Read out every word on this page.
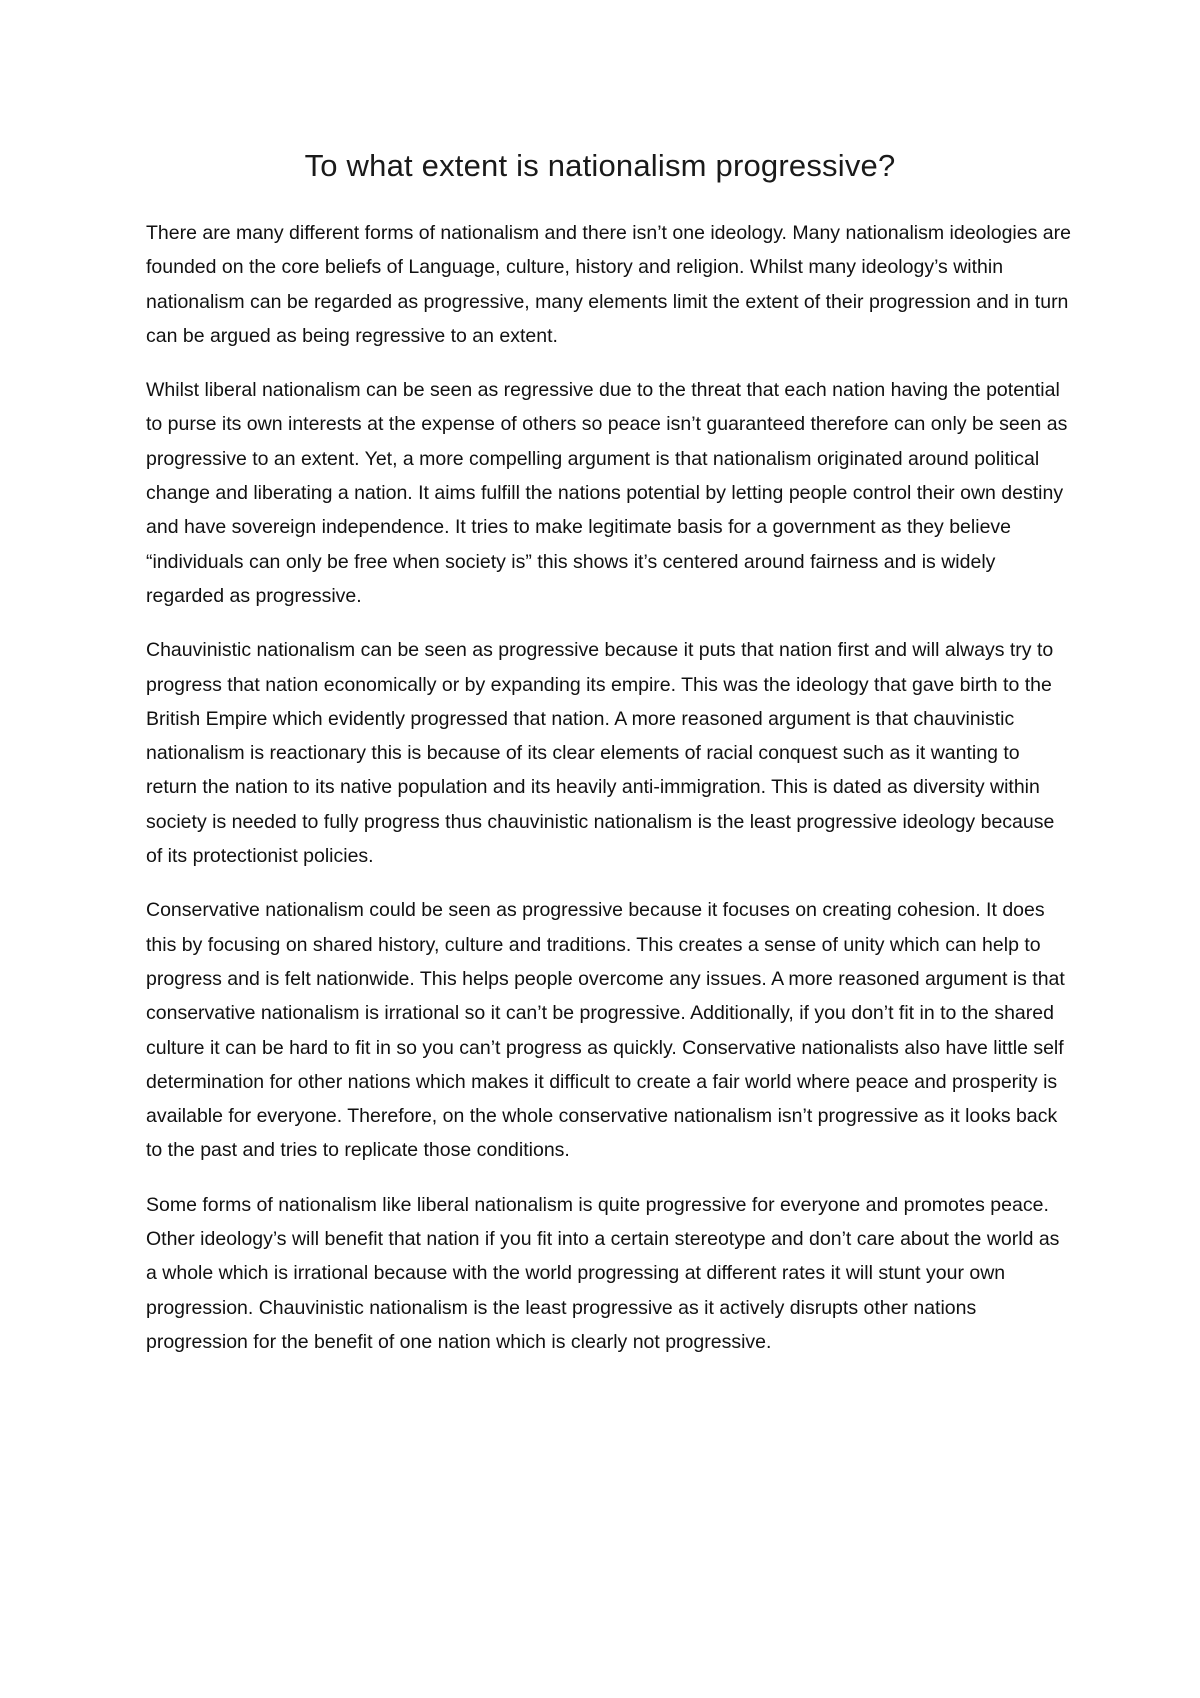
To what extent is nationalism progressive?

There are many different forms of nationalism and there isn’t one ideology. Many nationalism ideologies are founded on the core beliefs of Language, culture, history and religion. Whilst many ideology’s within nationalism can be regarded as progressive, many elements limit the extent of their progression and in turn can be argued as being regressive to an extent.

Whilst liberal nationalism can be seen as regressive due to the threat that each nation having the potential to purse its own interests at the expense of others so peace isn’t guaranteed therefore can only be seen as progressive to an extent. Yet, a more compelling argument is that nationalism originated around political change and liberating a nation. It aims fulfill the nations potential by letting people control their own destiny and have sovereign independence. It tries to make legitimate basis for a government as they believe “individuals can only be free when society is” this shows it’s centered around fairness and is widely regarded as progressive.

Chauvinistic nationalism can be seen as progressive because it puts that nation first and will always try to progress that nation economically or by expanding its empire. This was the ideology that gave birth to the British Empire which evidently progressed that nation. A more reasoned argument is that chauvinistic nationalism is reactionary this is because of its clear elements of racial conquest such as it wanting to return the nation to its native population and its heavily anti-immigration. This is dated as diversity within society is needed to fully progress thus chauvinistic nationalism is the least progressive ideology because of its protectionist policies.

Conservative nationalism could be seen as progressive because it focuses on creating cohesion. It does this by focusing on shared history, culture and traditions. This creates a sense of unity which can help to progress and is felt nationwide. This helps people overcome any issues. A more reasoned argument is that conservative nationalism is irrational so it can’t be progressive. Additionally, if you don’t fit in to the shared culture it can be hard to fit in so you can’t progress as quickly. Conservative nationalists also have little self determination for other nations which makes it difficult to create a fair world where peace and prosperity is available for everyone. Therefore, on the whole conservative nationalism isn’t progressive as it looks back to the past and tries to replicate those conditions.

Some forms of nationalism like liberal nationalism is quite progressive for everyone and promotes peace. Other ideology’s will benefit that nation if you fit into a certain stereotype and don’t care about the world as a whole which is irrational because with the world progressing at different rates it will stunt your own progression. Chauvinistic nationalism is the least progressive as it actively disrupts other nations progression for the benefit of one nation which is clearly not progressive.
